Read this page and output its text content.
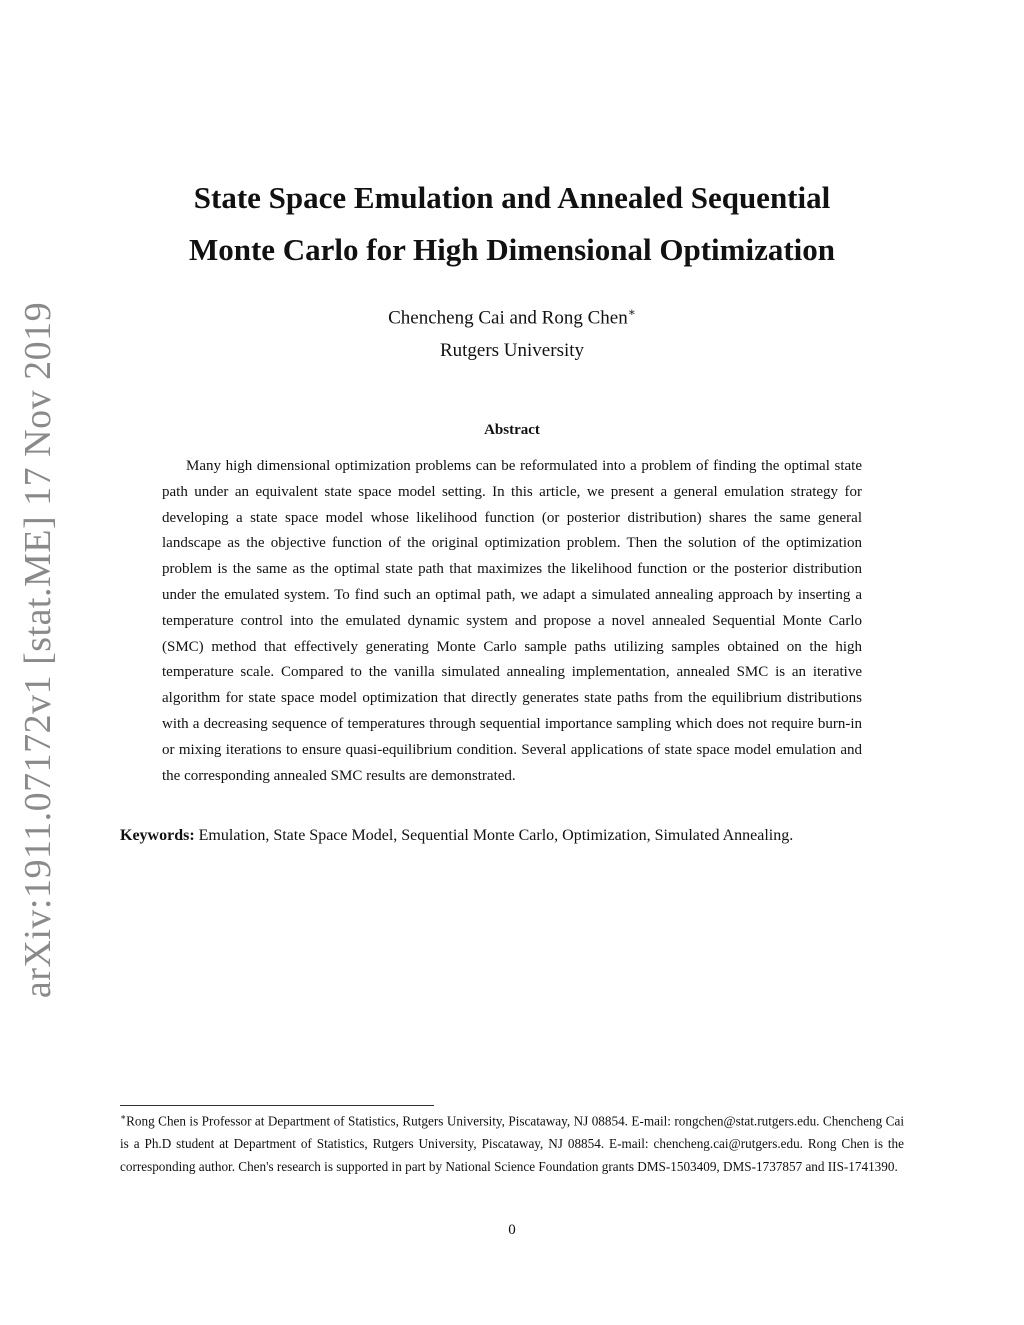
arXiv:1911.07172v1 [stat.ME] 17 Nov 2019
State Space Emulation and Annealed Sequential
Monte Carlo for High Dimensional Optimization
Chencheng Cai and Rong Chen∗
Rutgers University
Abstract

Many high dimensional optimization problems can be reformulated into a problem of finding the optimal state path under an equivalent state space model setting. In this article, we present a general emulation strategy for developing a state space model whose likelihood function (or posterior distribution) shares the same general landscape as the objective function of the original optimization problem. Then the solution of the optimization problem is the same as the optimal state path that maximizes the likelihood function or the posterior distribution under the emulated system. To find such an optimal path, we adapt a simulated annealing approach by inserting a temperature control into the emulated dynamic system and propose a novel annealed Sequential Monte Carlo (SMC) method that effectively generating Monte Carlo sample paths utilizing samples obtained on the high temperature scale. Compared to the vanilla simulated annealing implementation, annealed SMC is an iterative algorithm for state space model optimization that directly generates state paths from the equilibrium distributions with a decreasing sequence of temperatures through sequential importance sampling which does not require burn-in or mixing iterations to ensure quasi-equilibrium condition. Several applications of state space model emulation and the corresponding annealed SMC results are demonstrated.

Keywords: Emulation, State Space Model, Sequential Monte Carlo, Optimization, Simulated Annealing.

∗Rong Chen is Professor at Department of Statistics, Rutgers University, Piscataway, NJ 08854. E-mail: rongchen@stat.rutgers.edu. Chencheng Cai is a Ph.D student at Department of Statistics, Rutgers University, Piscataway, NJ 08854. E-mail: chencheng.cai@rutgers.edu. Rong Chen is the corresponding author. Chen's research is supported in part by National Science Foundation grants DMS-1503409, DMS-1737857 and IIS-1741390.

0
